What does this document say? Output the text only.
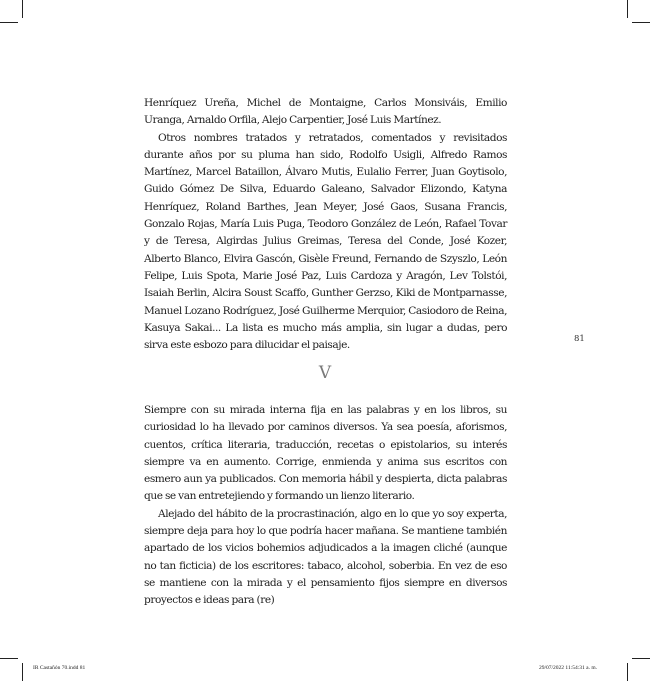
Henríquez Ureña, Michel de Montaigne, Carlos Monsiváis, Emilio Uranga, Arnaldo Orfila, Alejo Carpentier, José Luis Martínez.

Otros nombres tratados y retratados, comentados y revisitados durante años por su pluma han sido, Rodolfo Usigli, Alfredo Ramos Martínez, Marcel Bataillon, Álvaro Mutis, Eulalio Ferrer, Juan Goytisolo, Guido Gómez De Silva, Eduardo Galeano, Salvador Elizondo, Katyna Henríquez, Roland Barthes, Jean Meyer, José Gaos, Susana Francis, Gonzalo Rojas, María Luis Puga, Teodoro González de León, Rafael Tovar y de Teresa, Algirdas Julius Greimas, Teresa del Conde, José Kozer, Alberto Blanco, Elvira Gascón, Gisèle Freund, Fernando de Szyszlo, León Felipe, Luis Spota, Marie José Paz, Luis Cardoza y Aragón, Lev Tolstói, Isaiah Berlin, Alcira Soust Scaffo, Gunther Gerzso, Kiki de Montparnasse, Manuel Lozano Rodríguez, José Guilherme Merquior, Casiodoro de Reina, Kasuya Sakai... La lista es mucho más amplia, sin lugar a dudas, pero sirva este esbozo para dilucidar el paisaje.

81
V

Siempre con su mirada interna fija en las palabras y en los libros, su curiosidad lo ha llevado por caminos diversos. Ya sea poesía, aforismos, cuentos, crítica literaria, traducción, recetas o epistolarios, su interés siempre va en aumento. Corrige, enmienda y anima sus escritos con esmero aun ya publicados. Con memoria hábil y despierta, dicta palabras que se van entretejiendo y formando un lienzo literario.

Alejado del hábito de la procrastinación, algo en lo que yo soy experta, siempre deja para hoy lo que podría hacer mañana. Se mantiene también apartado de los vicios bohemios adjudicados a la imagen cliché (aunque no tan ficticia) de los escritores: tabaco, alcohol, soberbia. En vez de eso se mantiene con la mirada y el pensamiento fijos siempre en diversos proyectos e ideas para (re)

IR Castañón 70.indd 81	29/07/2022 11:54:31 a. m.
